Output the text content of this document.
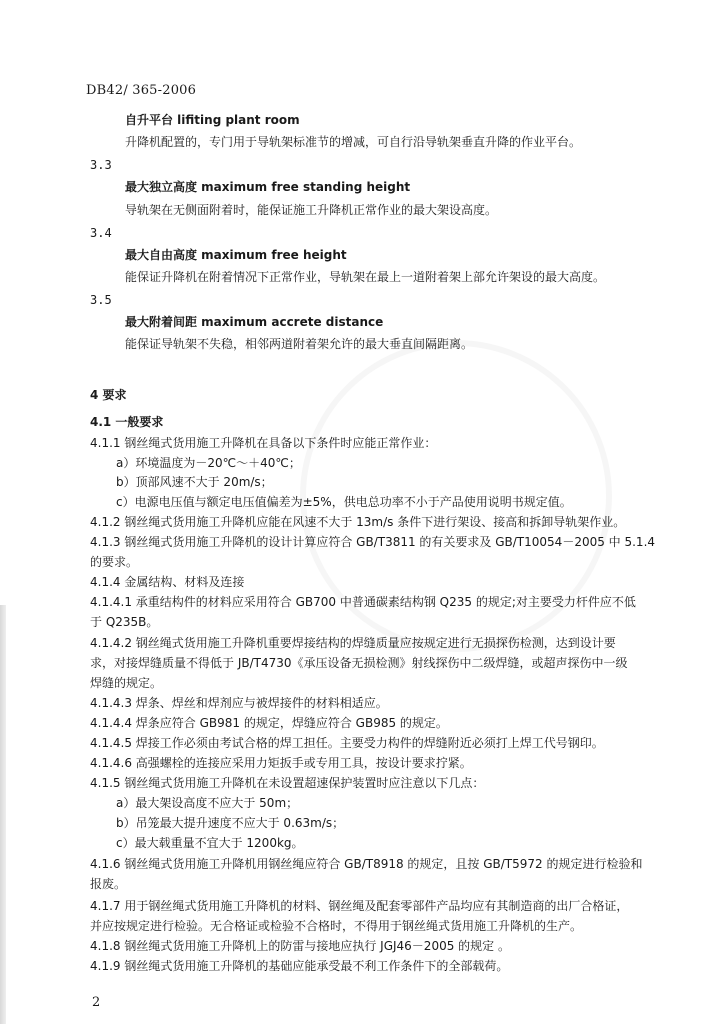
DB42/ 365-2006
自升平台 lifiting plant room
升降机配置的，专门用于导轨架标准节的增减，可自行沿导轨架垂直升降的作业平台。
3.3
最大独立高度 maximum free standing height
导轨架在无侧面附着时，能保证施工升降机正常作业的最大架设高度。
3.4
最大自由高度 maximum free height
能保证升降机在附着情况下正常作业，导轨架在最上一道附着架上部允许架设的最大高度。
3.5
最大附着间距 maximum accrete distance
能保证导轨架不失稳，相邻两道附着架允许的最大垂直间隔距离。
4 要求
4.1 一般要求
4.1.1 钢丝绳式货用施工升降机在具备以下条件时应能正常作业：
a）环境温度为－20℃～＋40℃；
b）顶部风速不大于 20m/s；
c）电源电压值与额定电压值偏差为±5%，供电总功率不小于产品使用说明书规定值。
4.1.2 钢丝绳式货用施工升降机应能在风速不大于 13m/s 条件下进行架设、接高和拆卸导轨架作业。
4.1.3 钢丝绳式货用施工升降机的设计计算应符合 GB/T3811 的有关要求及 GB/T10054－2005 中 5.1.4
的要求。
4.1.4 金属结构、材料及连接
4.1.4.1 承重结构件的材料应采用符合 GB700 中普通碳素结构钢 Q235 的规定;对主要受力杆件应不低
于 Q235B。
4.1.4.2 钢丝绳式货用施工升降机重要焊接结构的焊缝质量应按规定进行无损探伤检测，达到设计要
求，对接焊缝质量不得低于 JB/T4730《承压设备无损检测》射线探伤中二级焊缝，或超声探伤中一级
焊缝的规定。
4.1.4.3 焊条、焊丝和焊剂应与被焊接件的材料相适应。
4.1.4.4 焊条应符合 GB981 的规定，焊缝应符合 GB985 的规定。
4.1.4.5 焊接工作必须由考试合格的焊工担任。主要受力构件的焊缝附近必须打上焊工代号钢印。
4.1.4.6 高强螺栓的连接应采用力矩扳手或专用工具，按设计要求拧紧。
4.1.5 钢丝绳式货用施工升降机在未设置超速保护装置时应注意以下几点：
a）最大架设高度不应大于 50m；
b）吊笼最大提升速度不应大于 0.63m/s；
c）最大载重量不宜大于 1200kg。
4.1.6 钢丝绳式货用施工升降机用钢丝绳应符合 GB/T8918 的规定，且按 GB/T5972 的规定进行检验和
报废。
4.1.7 用于钢丝绳式货用施工升降机的材料、钢丝绳及配套零部件产品均应有其制造商的出厂合格证，
并应按规定进行检验。无合格证或检验不合格时，不得用于钢丝绳式货用施工升降机的生产。
4.1.8 钢丝绳式货用施工升降机上的防雷与接地应执行 JGJ46－2005 的规定 。
4.1.9 钢丝绳式货用施工升降机的基础应能承受最不利工作条件下的全部载荷。
2
